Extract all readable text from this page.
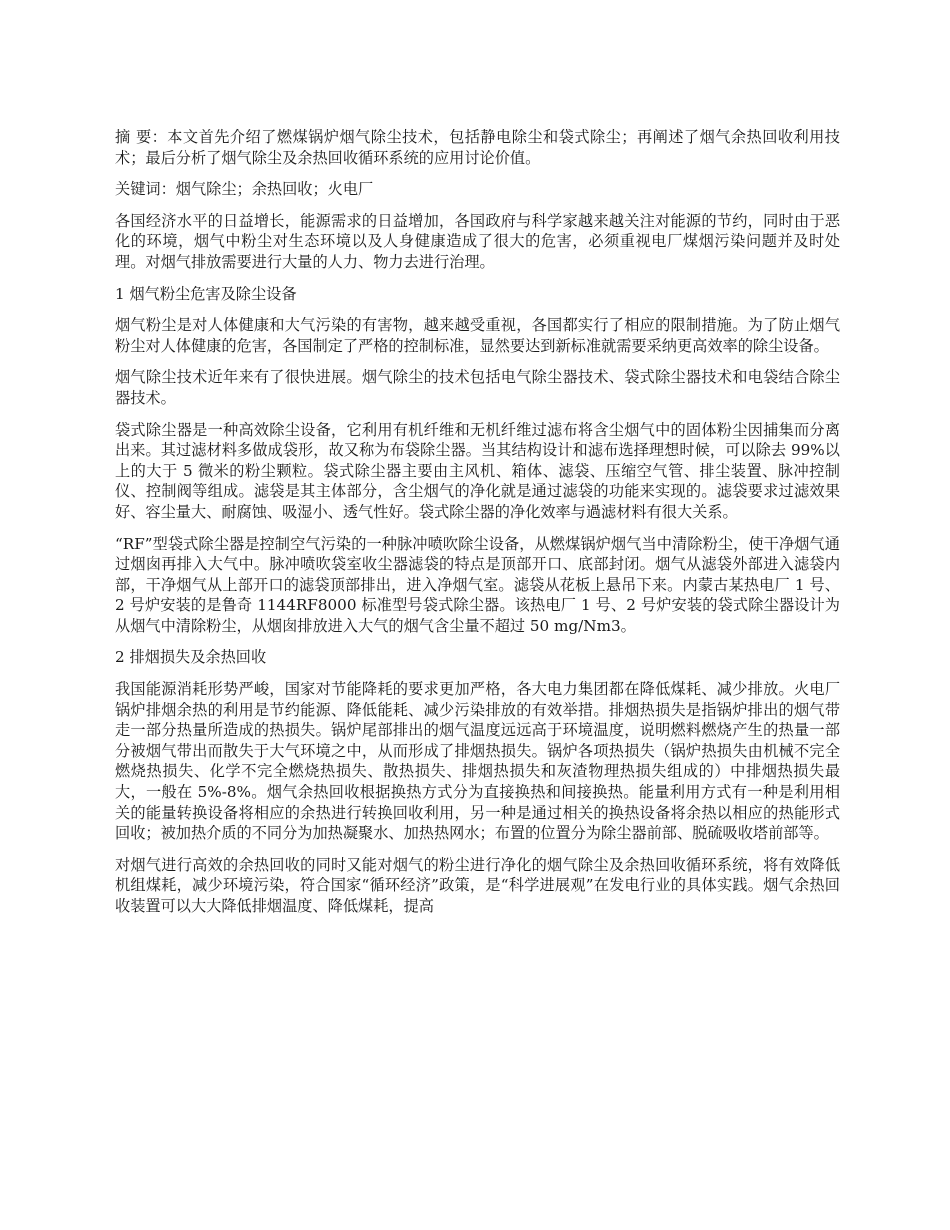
摘 要：本文首先介绍了燃煤锅炉烟气除尘技术，包括静电除尘和袋式除尘；再阐述了烟气余热回收利用技术；最后分析了烟气除尘及余热回收循环系统的应用讨论价值。

关键词：烟气除尘；余热回收；火电厂

各国经济水平的日益增长，能源需求的日益增加，各国政府与科学家越来越关注对能源的节约，同时由于恶化的环境，烟气中粉尘对生态环境以及人身健康造成了很大的危害，必须重视电厂煤烟污染问题并及时处理。对烟气排放需要进行大量的人力、物力去进行治理。

1 烟气粉尘危害及除尘设备

烟气粉尘是对人体健康和大气污染的有害物，越来越受重视，各国都实行了相应的限制措施。为了防止烟气粉尘对人体健康的危害，各国制定了严格的控制标准，显然要达到新标准就需要采纳更高效率的除尘设备。

烟气除尘技术近年来有了很快进展。烟气除尘的技术包括电气除尘器技术、袋式除尘器技术和电袋结合除尘器技术。

袋式除尘器是一种高效除尘设备，它利用有机纤维和无机纤维过滤布将含尘烟气中的固体粉尘因捕集而分离出来。其过滤材料多做成袋形，故又称为布袋除尘器。当其结构设计和滤布选择理想时候，可以除去 99%以上的大于 5 微米的粉尘颗粒。袋式除尘器主要由主风机、箱体、滤袋、压缩空气管、排尘装置、脉冲控制仪、控制阀等组成。滤袋是其主体部分，含尘烟气的净化就是通过滤袋的功能来实现的。滤袋要求过滤效果好、容尘量大、耐腐蚀、吸湿小、透气性好。袋式除尘器的净化效率与過滤材料有很大关系。

“RF”型袋式除尘器是控制空气污染的一种脉冲喷吹除尘设备，从燃煤锅炉烟气当中清除粉尘，使干净烟气通过烟囱再排入大气中。脉冲喷吹袋室收尘器滤袋的特点是顶部开口、底部封闭。烟气从滤袋外部进入滤袋内部，干净烟气从上部开口的滤袋顶部排出，进入净烟气室。滤袋从花板上悬吊下来。内蒙古某热电厂 1 号、2 号炉安装的是鲁奇 1144RF8000 标准型号袋式除尘器。该热电厂 1 号、2 号炉安装的袋式除尘器设计为从烟气中清除粉尘，从烟囱排放进入大气的烟气含尘量不超过 50 mg/Nm3。

2 排烟损失及余热回收

我国能源消耗形势严峻，国家对节能降耗的要求更加严格，各大电力集团都在降低煤耗、减少排放。火电厂锅炉排烟余热的利用是节约能源、降低能耗、减少污染排放的有效举措。排烟热损失是指锅炉排出的烟气带走一部分热量所造成的热损失。锅炉尾部排出的烟气温度远远高于环境温度，说明燃料燃烧产生的热量一部分被烟气带出而散失于大气环境之中，从而形成了排烟热损失。锅炉各项热损失（锅炉热损失由机械不完全燃烧热损失、化学不完全燃烧热损失、散热损失、排烟热损失和灰渣物理热损失组成的）中排烟热损失最大，一般在 5%-8%。烟气余热回收根据换热方式分为直接换热和间接换热。能量利用方式有一种是利用相关的能量转换设备将相应的余热进行转换回收利用，另一种是通过相关的换热设备将余热以相应的热能形式回收；被加热介质的不同分为加热凝聚水、加热热网水；布置的位置分为除尘器前部、脱硫吸收塔前部等。

对烟气进行高效的余热回收的同时又能对烟气的粉尘进行净化的烟气除尘及余热回收循环系统，将有效降低机组煤耗，减少环境污染，符合国家“循环经济”政策，是“科学进展观”在发电行业的具体实践。烟气余热回收装置可以大大降低排烟温度、降低煤耗，提高
